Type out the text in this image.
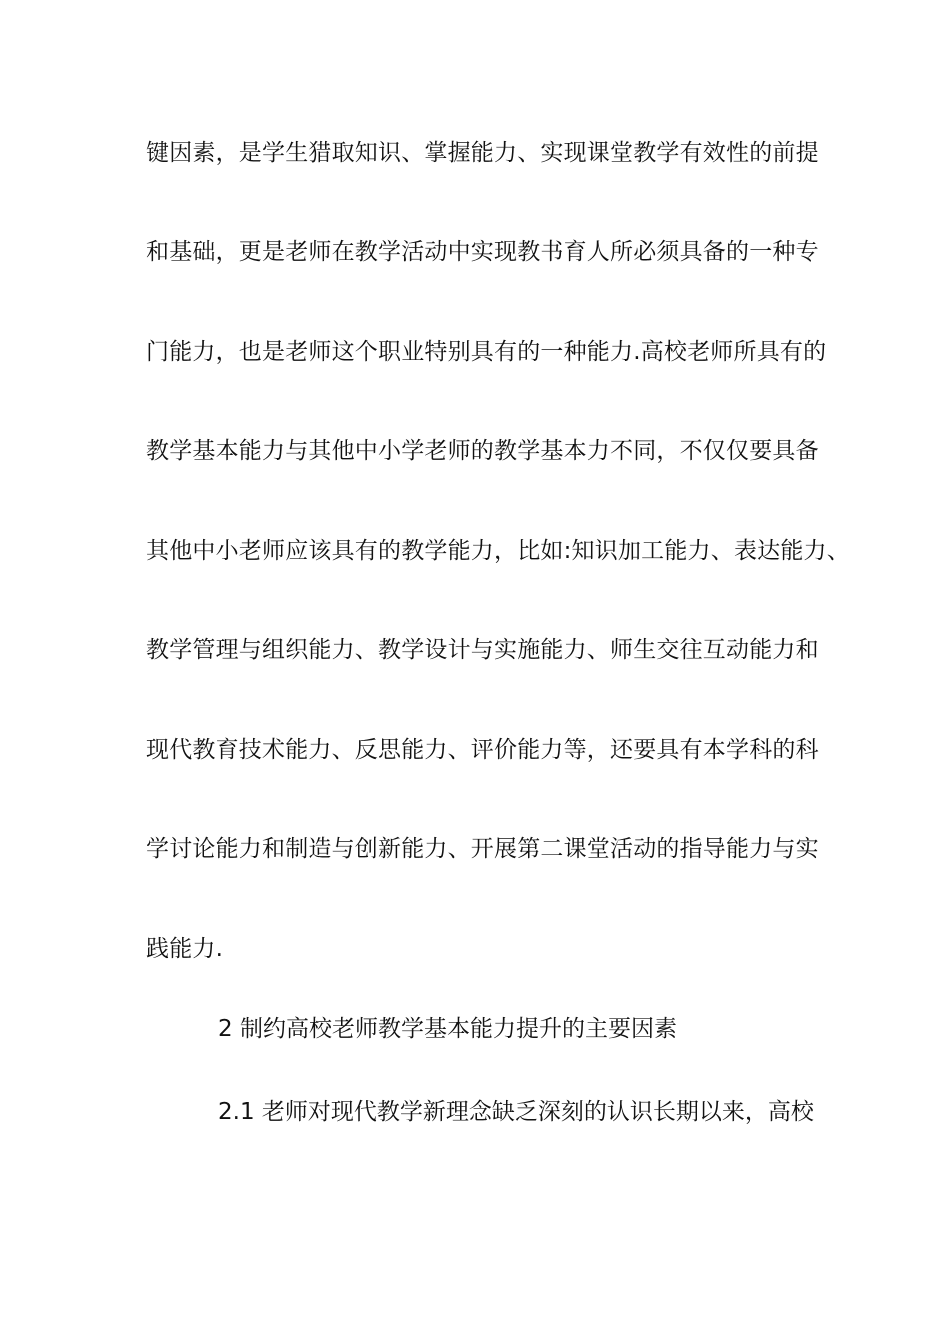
键因素，是学生猎取知识、掌握能力、实现课堂教学有效性的前提
和基础，更是老师在教学活动中实现教书育人所必须具备的一种专
门能力，也是老师这个职业特别具有的一种能力.高校老师所具有的
教学基本能力与其他中小学老师的教学基本力不同，不仅仅要具备
其他中小老师应该具有的教学能力，比如:知识加工能力、表达能力、
教学管理与组织能力、教学设计与实施能力、师生交往互动能力和
现代教育技术能力、反思能力、评价能力等，还要具有本学科的科
学讨论能力和制造与创新能力、开展第二课堂活动的指导能力与实
践能力.
2 制约高校老师教学基本能力提升的主要因素
2.1 老师对现代教学新理念缺乏深刻的认识长期以来，高校
